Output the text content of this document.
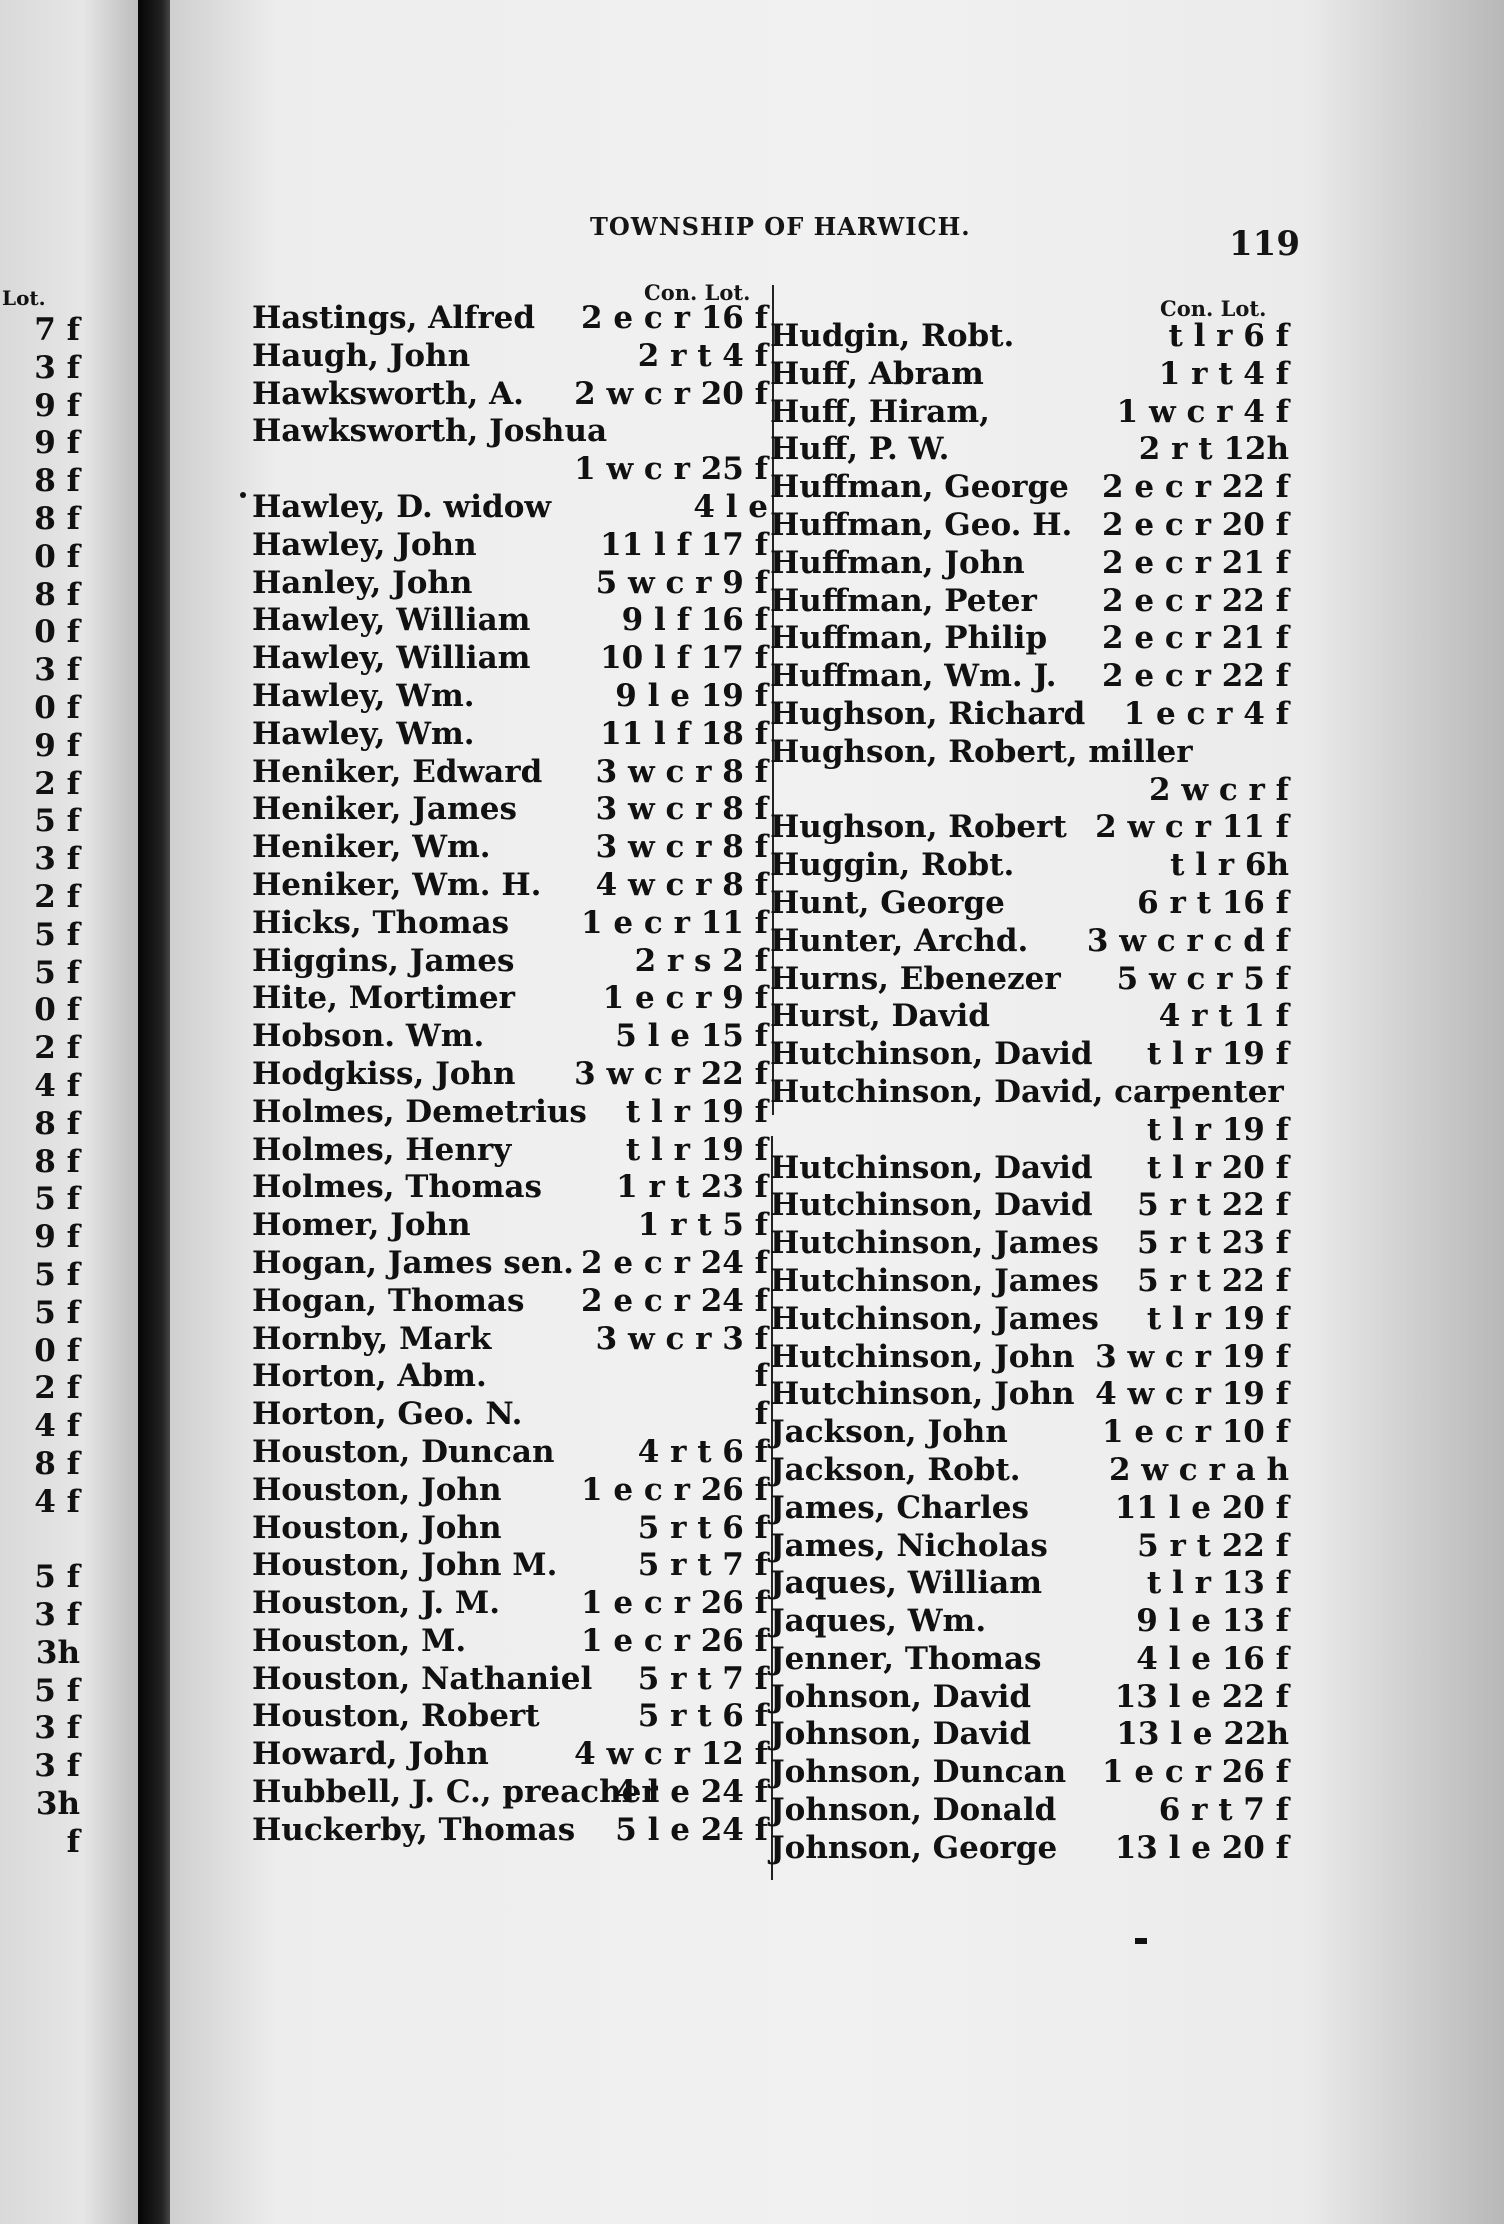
Lot.
7 f
3 f
9 f
9 f
8 f
8 f
0 f
8 f
0 f
3 f
0 f
9 f
2 f
5 f
3 f
2 f
5 f
5 f
0 f
2 f
4 f
8 f
8 f
5 f
9 f
5 f
5 f
0 f
2 f
4 f
8 f
4 f
5 f
3 f
3h
5 f
3 f
3 f
3h
f
TOWNSHIP OF HARWICH.	119
Con. Lot.
Con. Lot.
Hastings, Alfred 2 e c r 16 f
Haugh, John	2 r t 4 f
Hawksworth, A. 2 w c r 20 f
Hawksworth, Joshua
1 w c r 25 f
Hawley, D. widow	4 l e
Hawley, John	11 l f 17 f
Hanley, John	5 w c r 9 f
Hawley, William	9 l f 16 f
Hawley, William 10 l f 17 f
Hawley, Wm.	9 l e 19 f
Hawley, Wm.	11 l f 18 f
Heniker, Edward 3 w c r 8 f
Heniker, James	3 w c r 8 f
Heniker, Wm.	3 w c r 8 f
Heniker, Wm. H. 4 w c r 8 f
Hicks, Thomas 1 e c r 11 f
Higgins, James	2 r s 2 f
Hite, Mortimer	1 e c r 9 f
Hobson. Wm.	5 l e 15 f
Hodgkiss, John 3 w c r 22 f
Holmes, Demetrius t l r 19 f
Holmes, Henry	t l r 19 f
Holmes, Thomas 1 r t 23 f
Homer, John	1 r t 5 f
Hogan, James sen. 2 e c r 24 f
Hogan, Thomas 2 e c r 24 f
Hornby, Mark	3 w c r 3 f
Horton, Abm.	f
Horton, Geo. N.	f
Houston, Duncan	4 r t 6 f
Houston, John	1 e c r 26 f
Houston, John	5 r t 6 f
Houston, John M.	5 r t 7 f
Houston, J. M.	1 e c r 26 f
Houston, M.	1 e c r 26 f
Houston, Nathaniel 5 r t 7 f
Houston, Robert	5 r t 6 f
Howard, John	4 w c r 12 f
Hubbell, J. C., preacher
4 l e 24 f
Huckerby, Thomas 5 l e 24 f
Hudgin, Robt.	t l r 6 f
Huff, Abram	1 r t 4 f
Huff, Hiram,	1 w c r 4 f
Huff, P. W.	2 r t 12h
Huffman, George 2 e c r 22 f
Huffman, Geo. H. 2 e c r 20 f
Huffman, John 2 e c r 21 f
Huffman, Peter 2 e c r 22 f
Huffman, Philip 2 e c r 21 f
Huffman, Wm. J. 2 e c r 22 f
Hughson, Richard 1 e c r 4 f
Hughson, Robert, miller
2 w c r f
Hughson, Robert 2 w c r 11 f
Huggin, Robt.	t l r 6h
Hunt, George	6 r t 16 f
Hunter, Archd. 3 w c r c d f
Hurns, Ebenezer 5 w c r 5 f
Hurst, David	4 r t 1 f
Hutchinson, David t l r 19 f
Hutchinson, David, carpenter
t l r 19 f
Hutchinson, David t l r 20 f
Hutchinson, David 5 r t 22 f
Hutchinson, James 5 r t 23 f
Hutchinson, James 5 r t 22 f
Hutchinson, James t l r 19 f
Hutchinson, John 3 w c r 19 f
Hutchinson, John 4 w c r 19 f
Jackson, John	1 e c r 10 f
Jackson, Robt.	2 w c r a h
James, Charles	11 l e 20 f
James, Nicholas	5 r t 22 f
Jaques, William	t l r 13 f
Jaques, Wm.	9 l e 13 f
Jenner, Thomas	4 l e 16 f
Johnson, David	13 l e 22 f
Johnson, David	13 l e 22h
Johnson, Duncan 1 e c r 26 f
Johnson, Donald	6 r t 7 f
Johnson, George 13 l e 20 f
